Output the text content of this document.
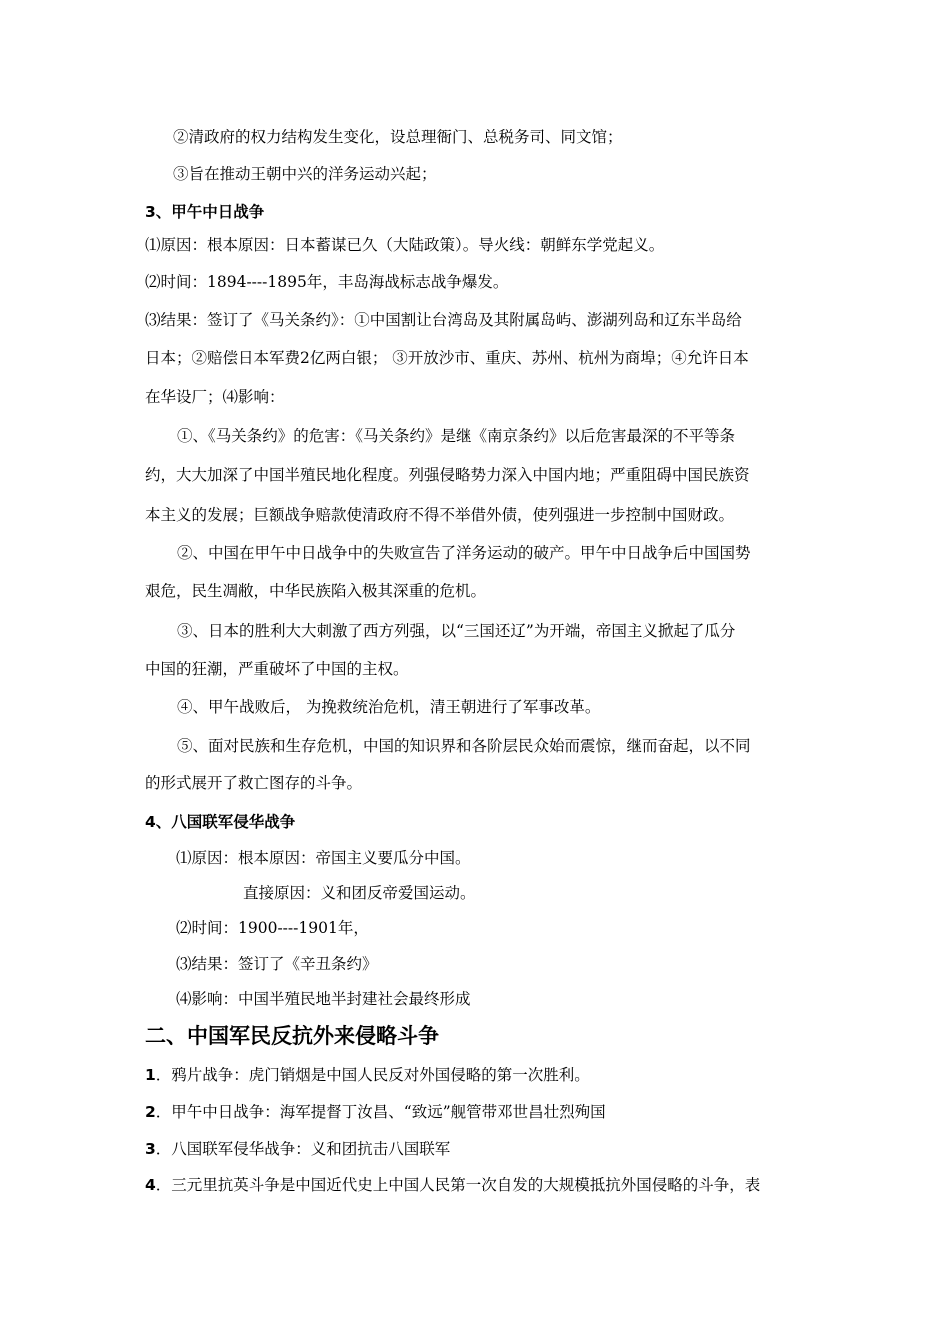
②清政府的权力结构发生变化，设总理衙门、总税务司、同文馆；
③旨在推动王朝中兴的洋务运动兴起；
3、甲午中日战争
⑴原因：根本原因：日本蓄谋已久（大陆政策）。导火线：朝鲜东学党起义。
⑵时间：1894----1895年，丰岛海战标志战争爆发。
⑶结果：签订了《马关条约》：①中国割让台湾岛及其附属岛屿、澎湖列岛和辽东半岛给
日本；②赔偿日本军费2亿两白银； ③开放沙市、重庆、苏州、杭州为商埠；④允许日本
在华设厂；⑷影响：
①、《马关条约》的危害：《马关条约》是继《南京条约》以后危害最深的不平等条
约，大大加深了中国半殖民地化程度。列强侵略势力深入中国内地；严重阻碍中国民族资
本主义的发展；巨额战争赔款使清政府不得不举借外债，使列强进一步控制中国财政。
②、中国在甲午中日战争中的失败宣告了洋务运动的破产。甲午中日战争后中国国势
艰危，民生凋敝，中华民族陷入极其深重的危机。
③、日本的胜利大大刺激了西方列强，以“三国还辽”为开端，帝国主义掀起了瓜分
中国的狂潮，严重破坏了中国的主权。
④、甲午战败后， 为挽救统治危机，清王朝进行了军事改革。
⑤、面对民族和生存危机，中国的知识界和各阶层民众始而震惊，继而奋起，以不同
的形式展开了救亡图存的斗争。
4、八国联军侵华战争
⑴原因：根本原因：帝国主义要瓜分中国。
直接原因：义和团反帝爱国运动。
⑵时间：1900----1901年，
⑶结果：签订了《辛丑条约》
⑷影响：中国半殖民地半封建社会最终形成
二、中国军民反抗外来侵略斗争
1．鸦片战争：虎门销烟是中国人民反对外国侵略的第一次胜利。
2．甲午中日战争：海军提督丁汝昌、“致远”舰管带邓世昌壮烈殉国
3．八国联军侵华战争：义和团抗击八国联军
4．三元里抗英斗争是中国近代史上中国人民第一次自发的大规模抵抗外国侵略的斗争，表
